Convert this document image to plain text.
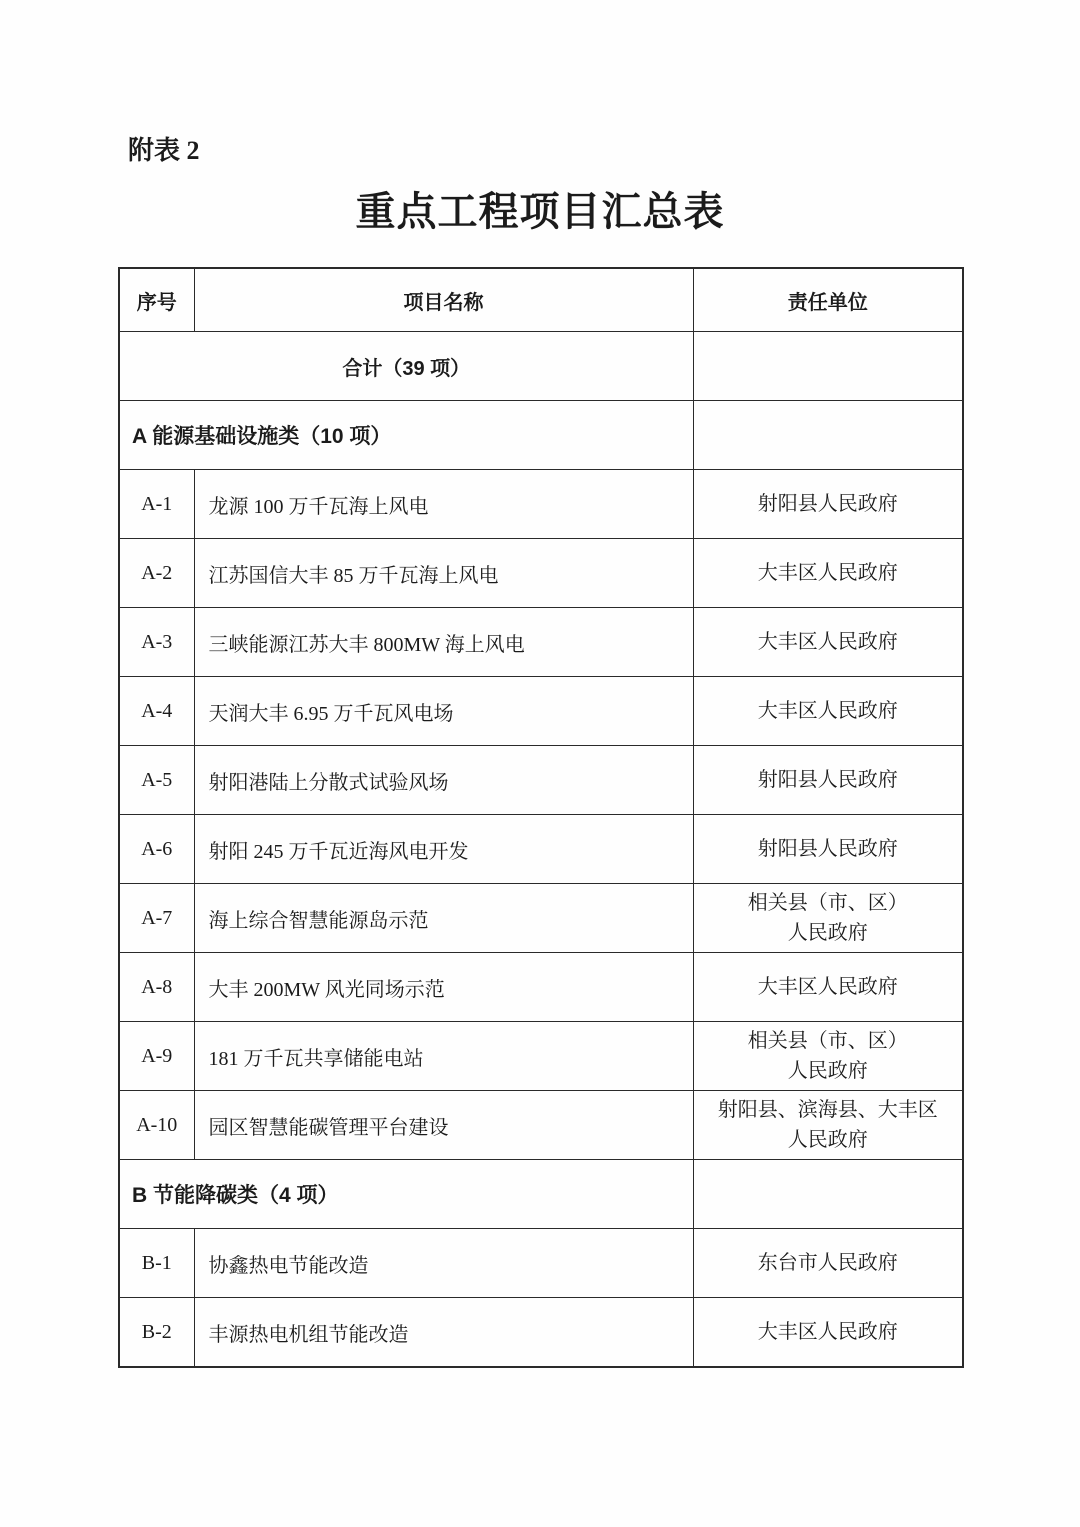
附表 2
重点工程项目汇总表
序号	项目名称	责任单位
合计（39 项）		
A 能源基础设施类（10 项）		
A-1	龙源 100 万千瓦海上风电	射阳县人民政府

A-2	江苏国信大丰 85 万千瓦海上风电	大丰区人民政府

A-3	三峡能源江苏大丰 800MW 海上风电	大丰区人民政府

A-4	天润大丰 6.95 万千瓦风电场	大丰区人民政府

A-5	射阳港陆上分散式试验风场	射阳县人民政府

A-6	射阳 245 万千瓦近海风电开发	射阳县人民政府

A-7	海上综合智慧能源岛示范	相关县（市、区）
人民政府

A-8	大丰 200MW 风光同场示范	大丰区人民政府

A-9	181 万千瓦共享储能电站	相关县（市、区）
人民政府

A-10	园区智慧能碳管理平台建设	射阳县、滨海县、大丰区
人民政府

B 节能降碳类（4 项）		
B-1	协鑫热电节能改造	东台市人民政府

B-2	丰源热电机组节能改造	大丰区人民政府
